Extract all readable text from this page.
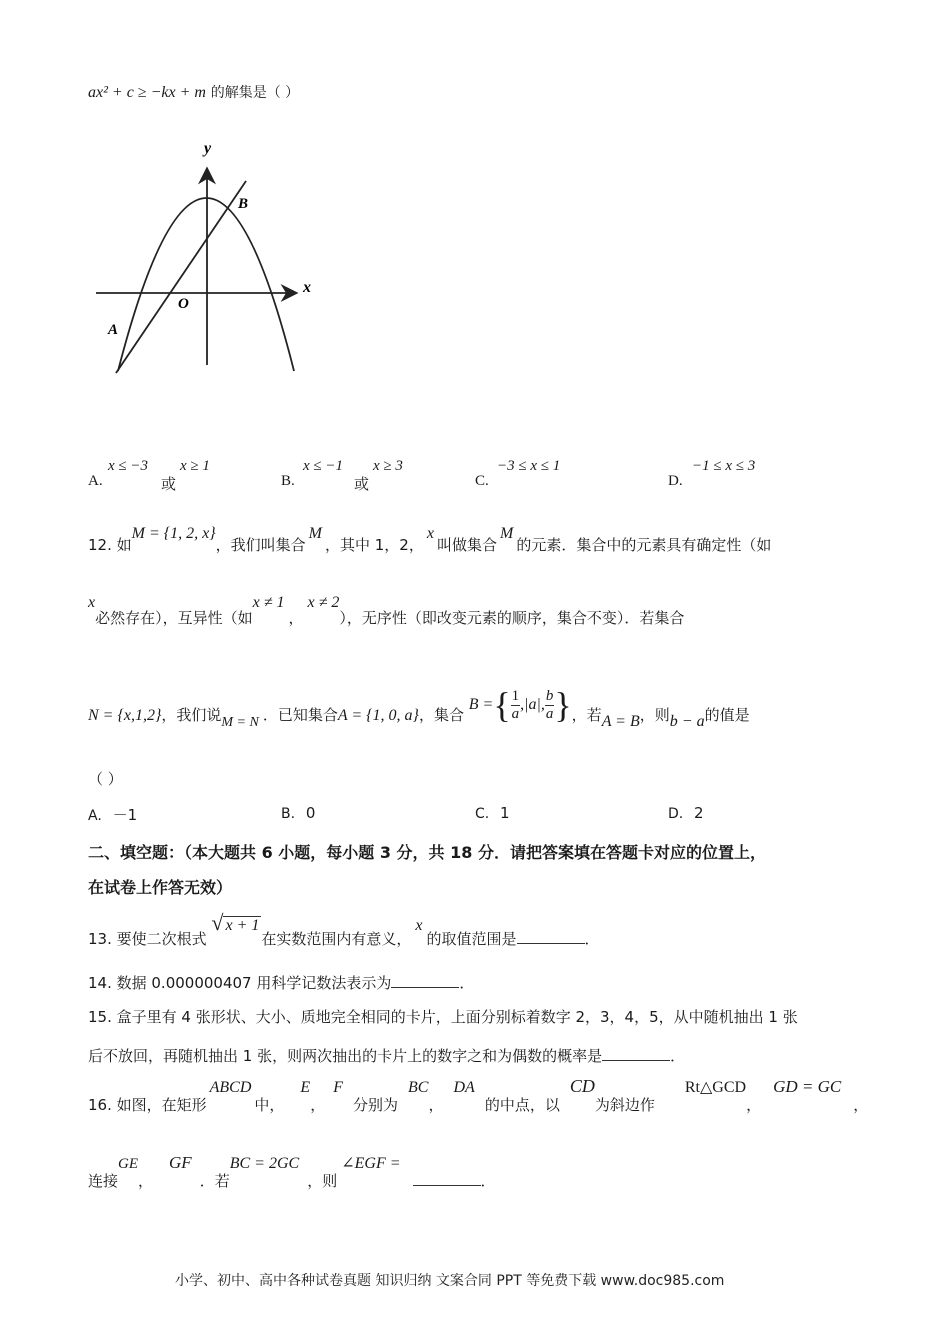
ax² + c ≥ −kx + m 的解集是（ ）
y
x
O
A
B
A.
x ≤ −3
或
x ≥ 1
B.
x ≤ −1
或
x ≥ 3
C.
−3 ≤ x ≤ 1
D.
−1 ≤ x ≤ 3
12. 如M = {1, 2, x}，我们叫集合M，其中 1，2，x叫做集合M的元素．集合中的元素具有确定性（如
x必然存在），互异性（如x ≠ 1，x ≠ 2），无序性（即改变元素的顺序，集合不变）．若集合
N = {x,1,2}，我们说M = N ．已知集合A = {1, 0, a}，集合 B ={ $\frac{1}{a} ,|a|$, $\frac{b}{a}$ }，若A = B，则b − a的值是
（ ）
A. －1	B. 0	C. 1	D. 2
二、填空题：（本大题共 6 小题，每小题 3 分，共 18 分．请把答案填在答题卡对应的位置上，
在试卷上作答无效）
13. 要使二次根式 √ x + 1在实数范围内有意义，x的取值范围是	．
14. 数据 0.000000407 用科学记数法表示为	．
15. 盒子里有 4 张形状、大小、质地完全相同的卡片，上面分别标着数字 2，3，4，5，从中随机抽出 1 张
后不放回，再随机抽出 1 张，则两次抽出的卡片上的数字之和为偶数的概率是	．
16. 如图，在矩形ABCD中，E，F分别为BC，DA的中点，以CD为斜边作Rt△GCD，GD = GC，
连接GE，GF．若BC = 2GC，则∠EGF =．
小学、初中、高中各种试卷真题 知识归纳 文案合同 PPT 等免费下载 www.doc985.com
